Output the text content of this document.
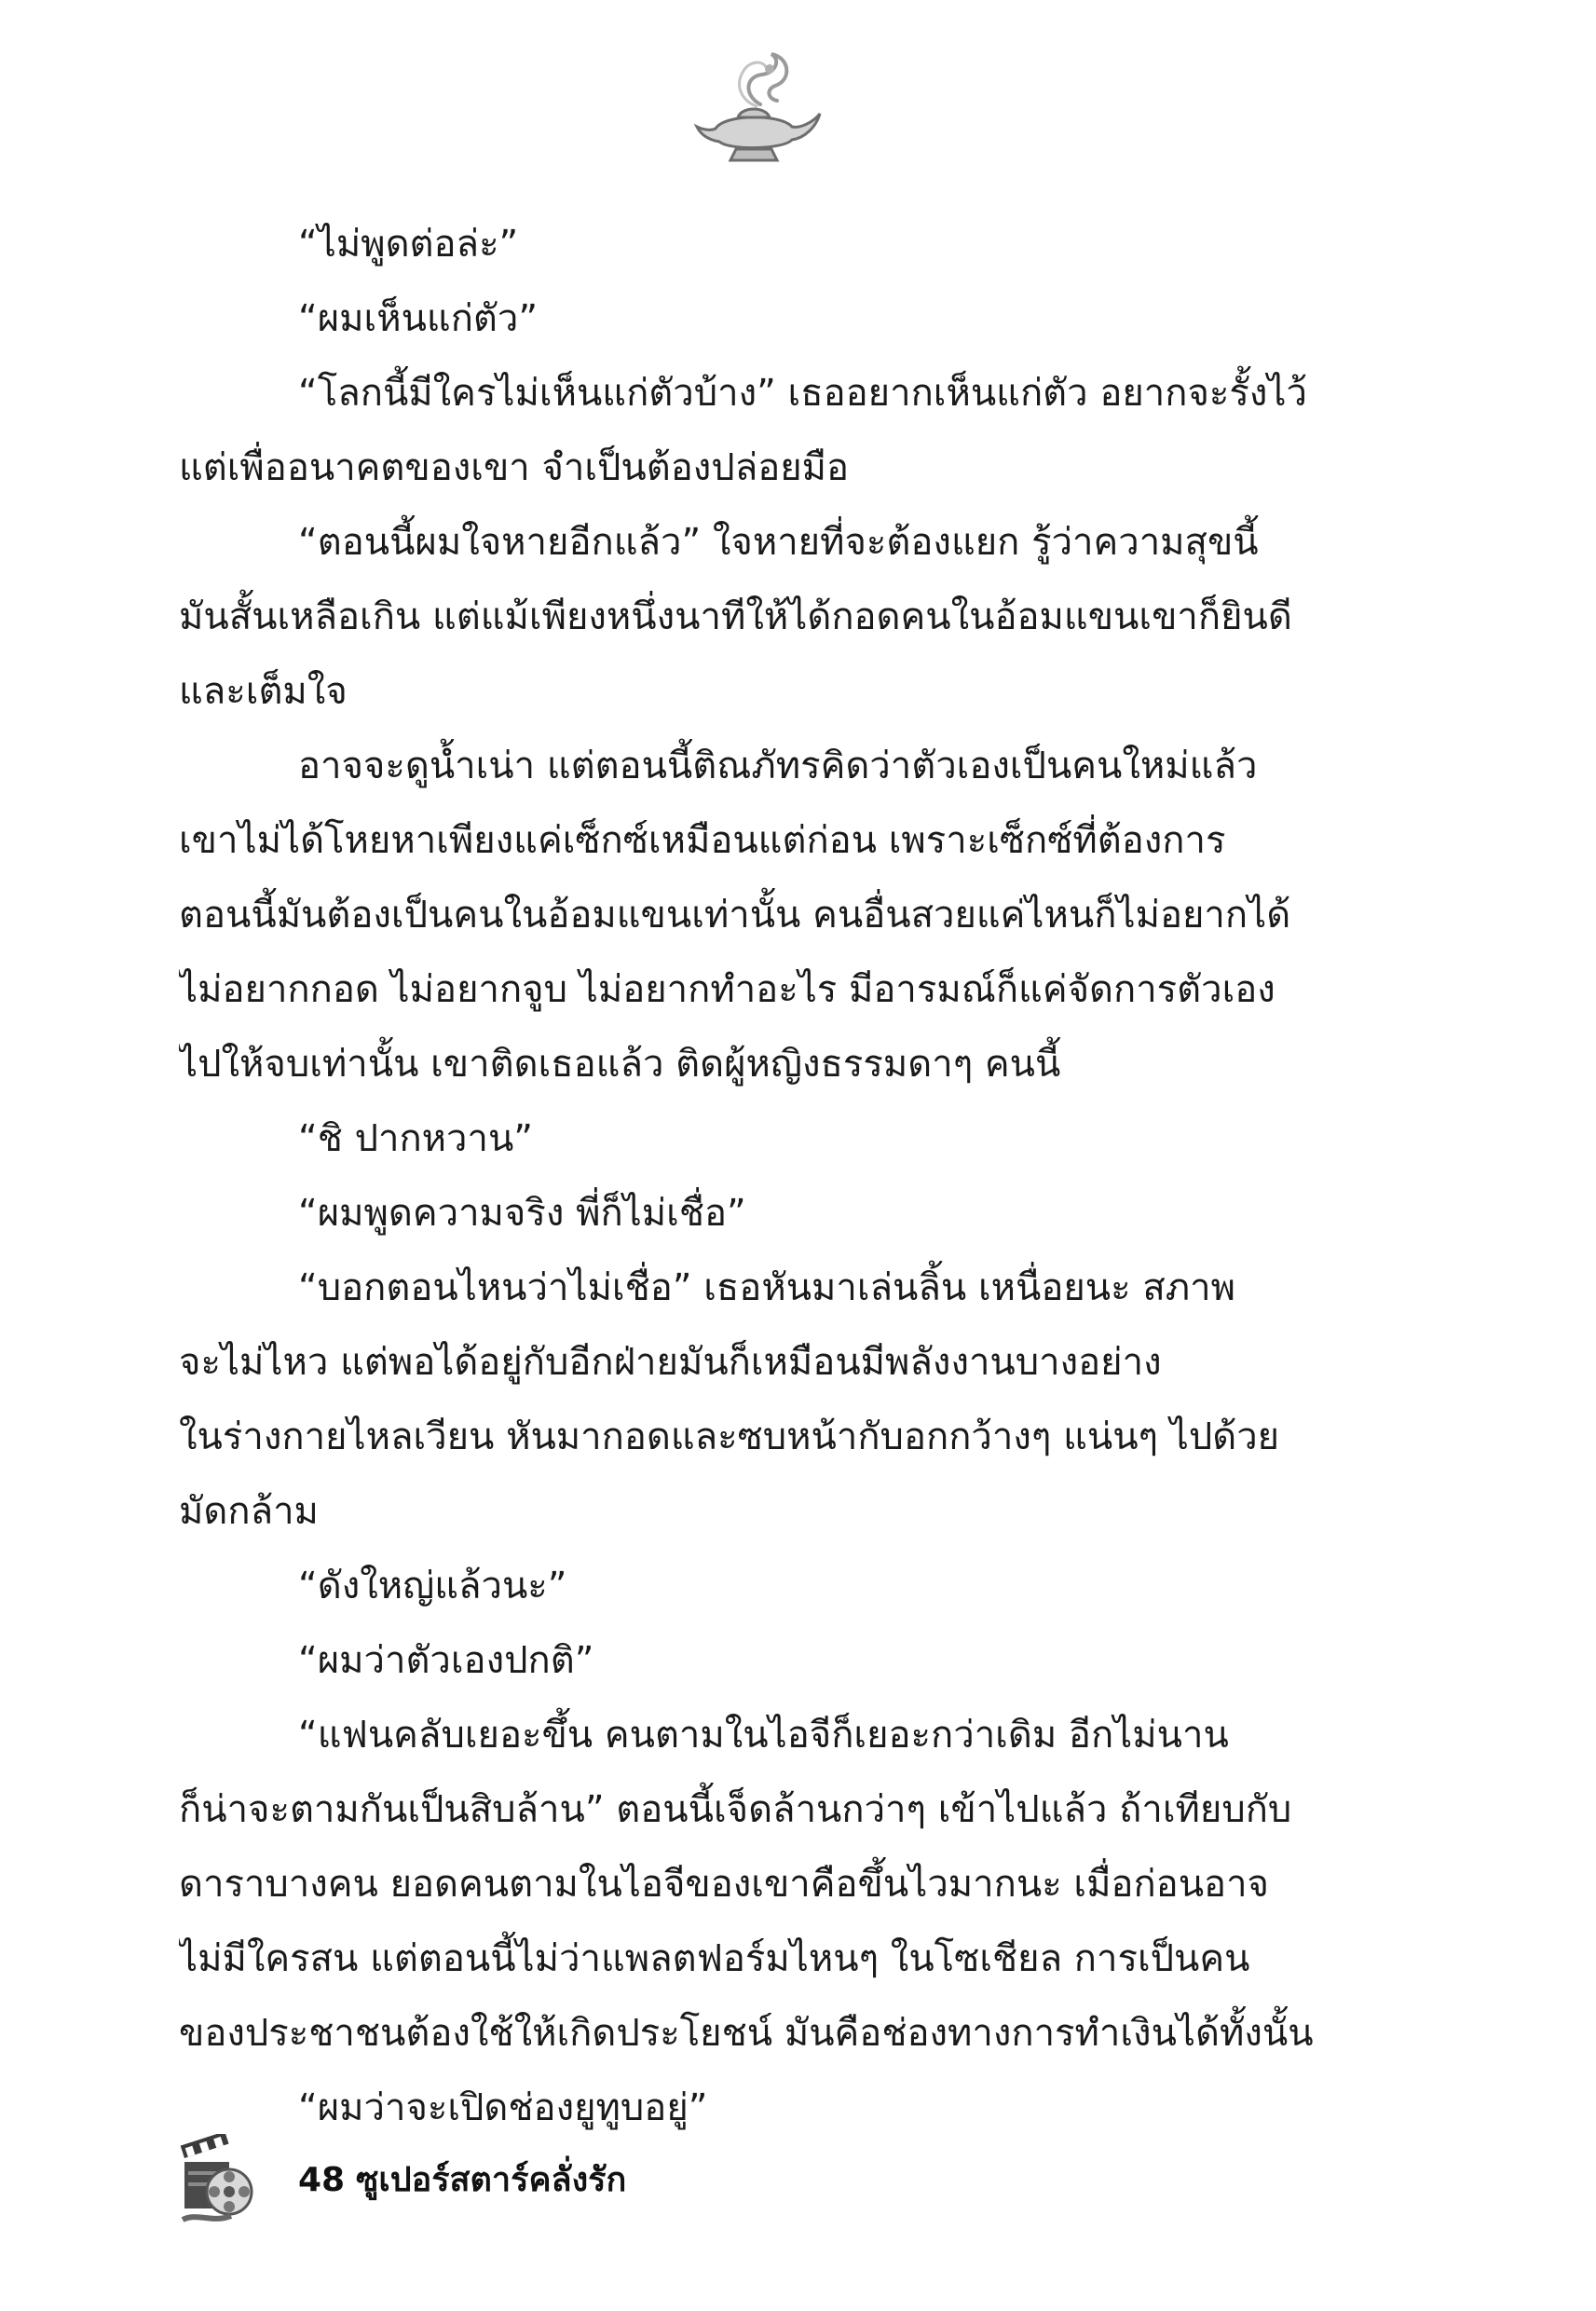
“ไม่พูดต่อล่ะ”
“ผมเห็นแก่ตัว”
“โลกนี้มีใครไม่เห็นแก่ตัวบ้าง” เธออยากเห็นแก่ตัว อยากจะรั้งไว้
แต่เพื่ออนาคตของเขา จำเป็นต้องปล่อยมือ
“ตอนนี้ผมใจหายอีกแล้ว” ใจหายที่จะต้องแยก รู้ว่าความสุขนี้
มันสั้นเหลือเกิน แต่แม้เพียงหนึ่งนาทีให้ได้กอดคนในอ้อมแขนเขาก็ยินดี
และเต็มใจ
อาจจะดูน้ำเน่า แต่ตอนนี้ติณภัทรคิดว่าตัวเองเป็นคนใหม่แล้ว
เขาไม่ได้โหยหาเพียงแค่เซ็กซ์เหมือนแต่ก่อน เพราะเซ็กซ์ที่ต้องการ
ตอนนี้มันต้องเป็นคนในอ้อมแขนเท่านั้น คนอื่นสวยแค่ไหนก็ไม่อยากได้
ไม่อยากกอด ไม่อยากจูบ ไม่อยากทำอะไร มีอารมณ์ก็แค่จัดการตัวเอง
ไปให้จบเท่านั้น เขาติดเธอแล้ว ติดผู้หญิงธรรมดาๆ คนนี้
“ชิ ปากหวาน”
“ผมพูดความจริง พี่ก็ไม่เชื่อ”
“บอกตอนไหนว่าไม่เชื่อ” เธอหันมาเล่นลิ้น เหนื่อยนะ สภาพ
จะไม่ไหว แต่พอได้อยู่กับอีกฝ่ายมันก็เหมือนมีพลังงานบางอย่าง
ในร่างกายไหลเวียน หันมากอดและซบหน้ากับอกกว้างๆ แน่นๆ ไปด้วย
มัดกล้าม
“ดังใหญ่แล้วนะ”
“ผมว่าตัวเองปกติ”
“แฟนคลับเยอะขึ้น คนตามในไอจีก็เยอะกว่าเดิม อีกไม่นาน
ก็น่าจะตามกันเป็นสิบล้าน” ตอนนี้เจ็ดล้านกว่าๆ เข้าไปแล้ว ถ้าเทียบกับ
ดาราบางคน ยอดคนตามในไอจีของเขาคือขึ้นไวมากนะ เมื่อก่อนอาจ
ไม่มีใครสน แต่ตอนนี้ไม่ว่าแพลตฟอร์มไหนๆ ในโซเชียล การเป็นคน
ของประชาชนต้องใช้ให้เกิดประโยชน์ มันคือช่องทางการทำเงินได้ทั้งนั้น
“ผมว่าจะเปิดช่องยูทูบอยู่”
48 ซูเปอร์สตาร์คลั่งรัก
